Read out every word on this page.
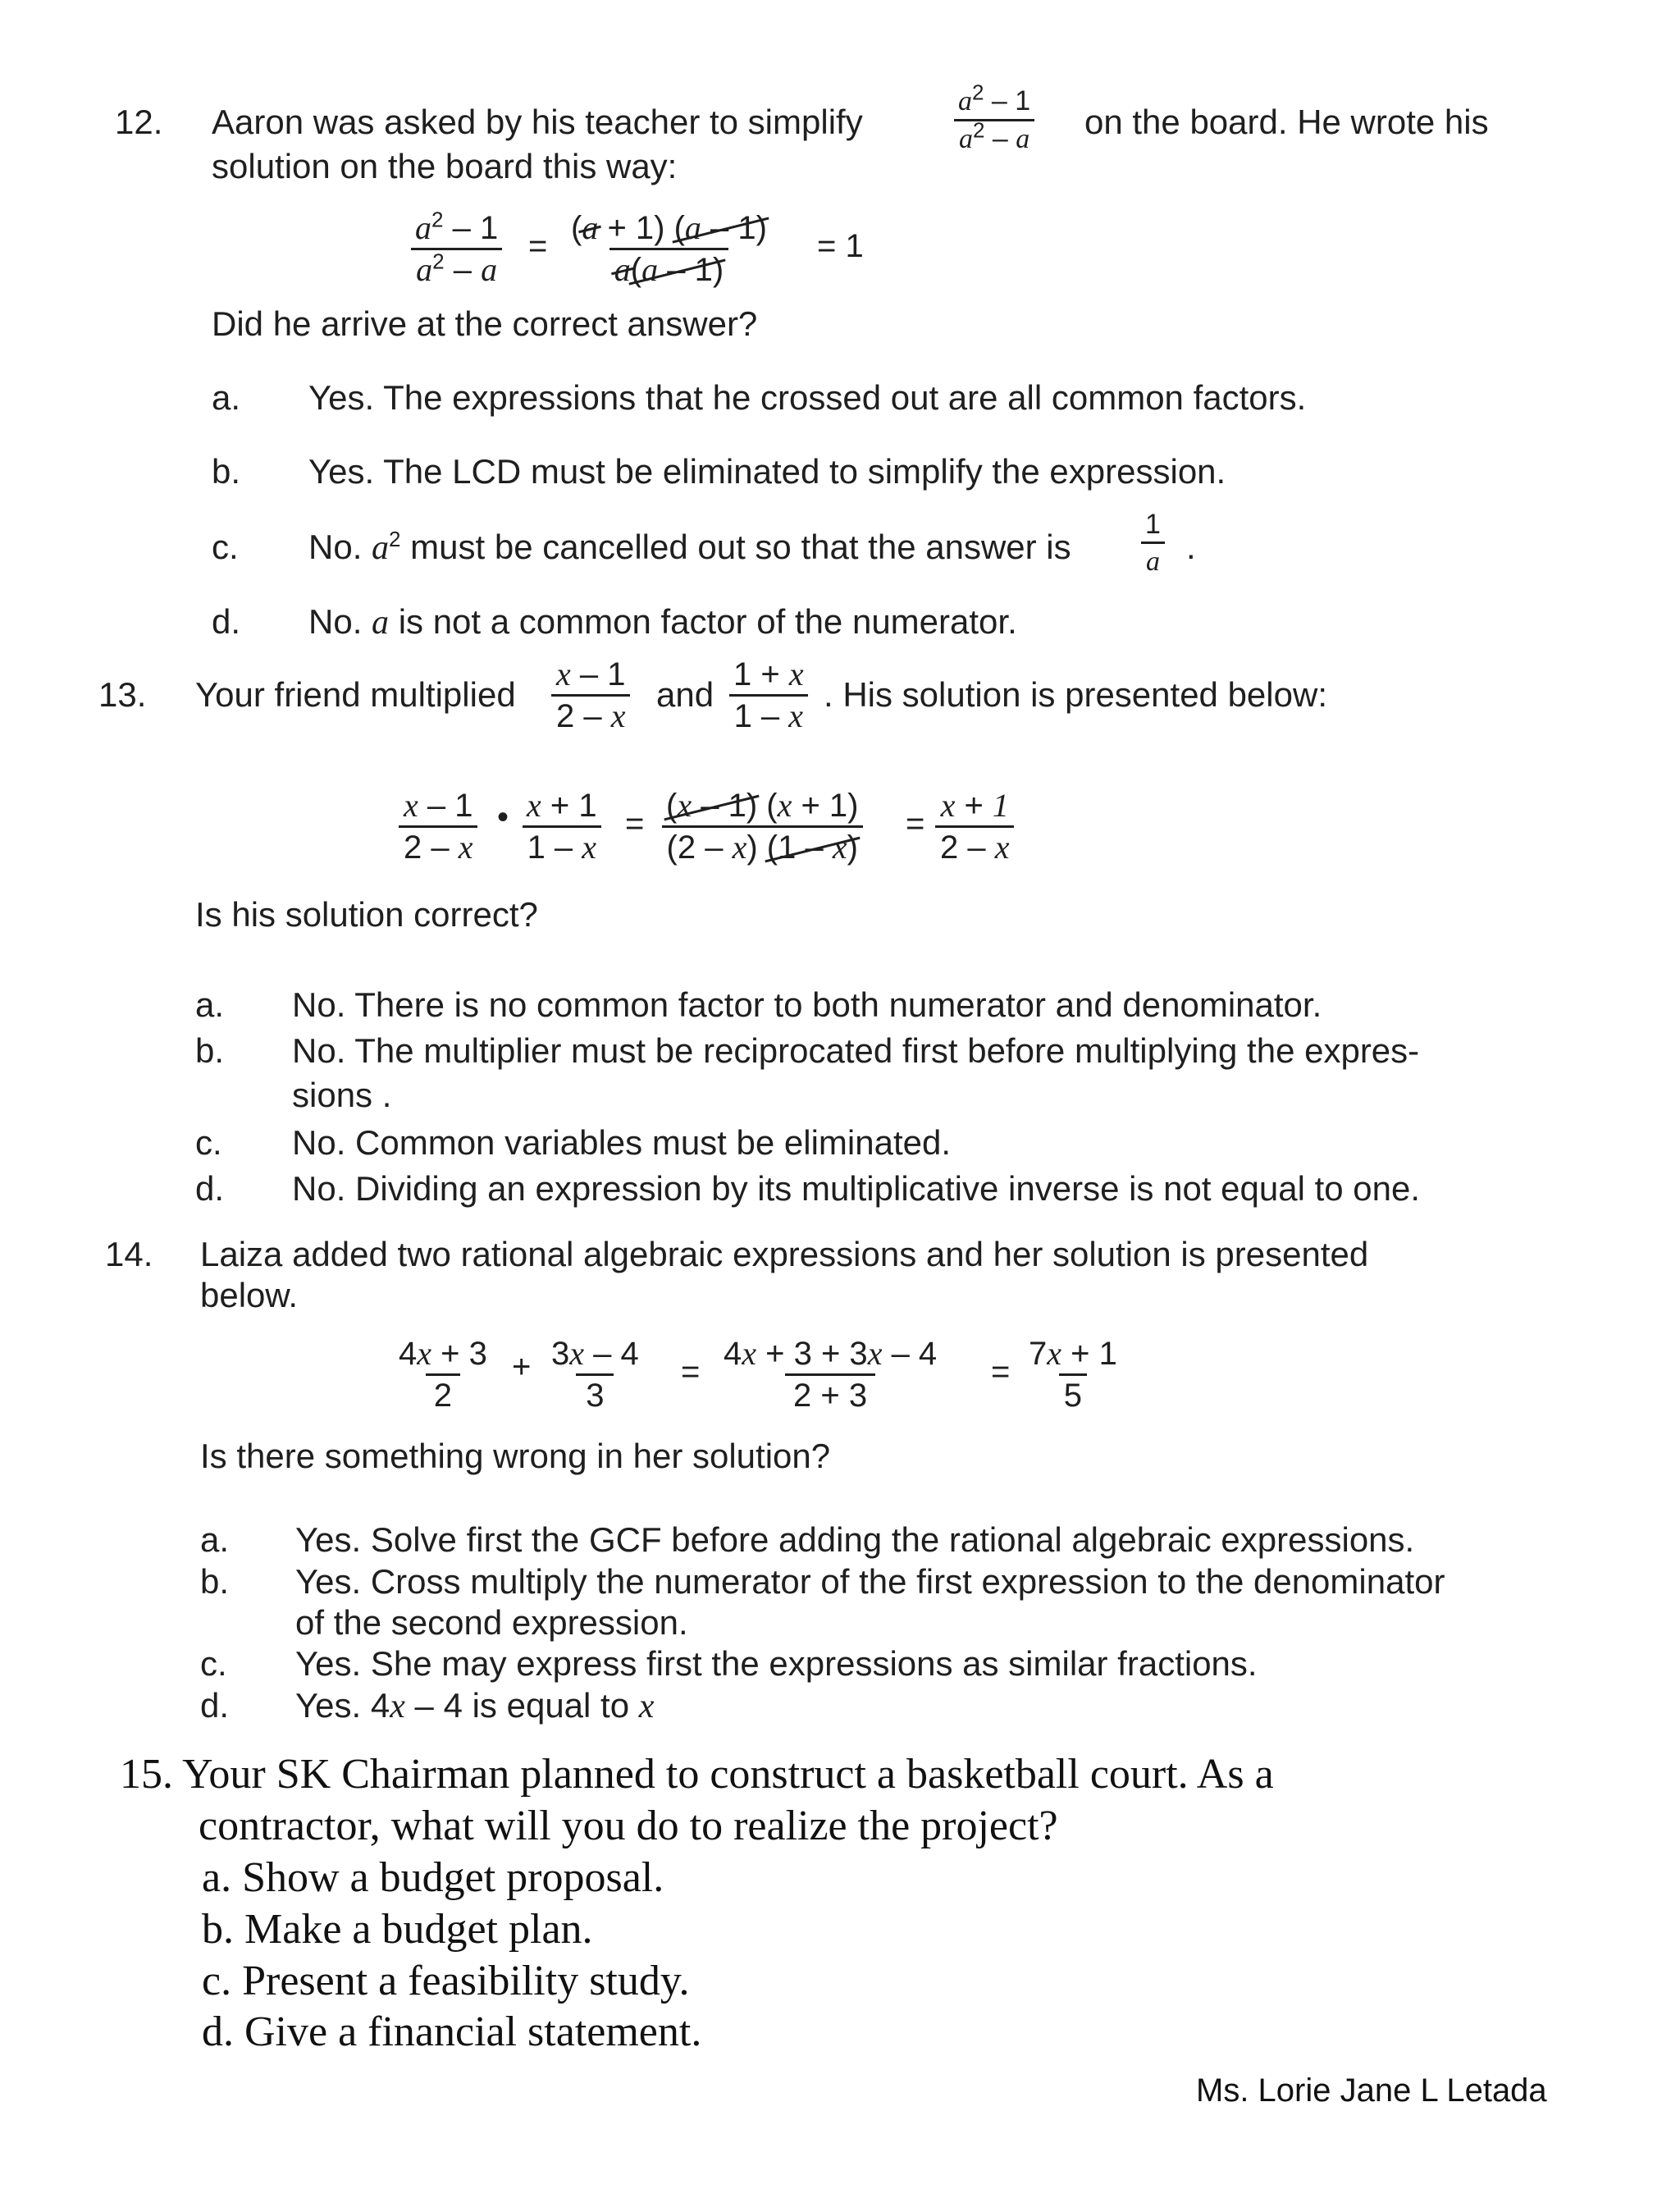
12. Aaron was asked by his teacher to simplify	$\frac{a^2 - 1}{a^2 - a}$ on the board. He wrote his
solution on the board this way:
$\frac{a^2 - 1}{a^2 - a} = \frac{(a + 1) (a - 1)}{a(a - 1)} = 1$
Did he arrive at the correct answer?
a. Yes. The expressions that he crossed out are all common factors.
b. Yes. The LCD must be eliminated to simplify the expression.
c. No. $a^2$ must be cancelled out so that the answer is $\frac{1}{a}$ .
d. No. a is not a common factor of the numerator.
13. Your friend multiplied $\frac{x - 1}{2 - x}$ and $\frac{1 + x}{1 - x}$ . His solution is presented below:
$\frac{x - 1}{2 - x}$ • $\frac{x + 1}{1 - x} = \frac{(x - 1) (x + 1)}{(2 - x) (1 - x)} = \frac{x + 1}{2 - x}$
Is his solution correct?
a. No. There is no common factor to both numerator and denominator.
b. No. The multiplier must be reciprocated first before multiplying the expres-
sions .
c. No. Common variables must be eliminated.
d. No. Dividing an expression by its multiplicative inverse is not equal to one.
14. Laiza added two rational algebraic expressions and her solution is presented
below.
$\frac{4x + 3}{2} + \frac{3x - 4}{3} = \frac{4x + 3 + 3x - 4}{2 + 3} = \frac{7x + 1}{5}$
Is there something wrong in her solution?
a. Yes. Solve first the GCF before adding the rational algebraic expressions.
b. Yes. Cross multiply the numerator of the first expression to the denominator
of the second expression.
c. Yes. She may express first the expressions as similar fractions.
d. Yes. 4x – 4 is equal to x
15. Your SK Chairman planned to construct a basketball court. As a
contractor, what will you do to realize the project?
a. Show a budget proposal.
b. Make a budget plan.
c. Present a feasibility study.
d. Give a financial statement.
Ms. Lorie Jane L Letada
